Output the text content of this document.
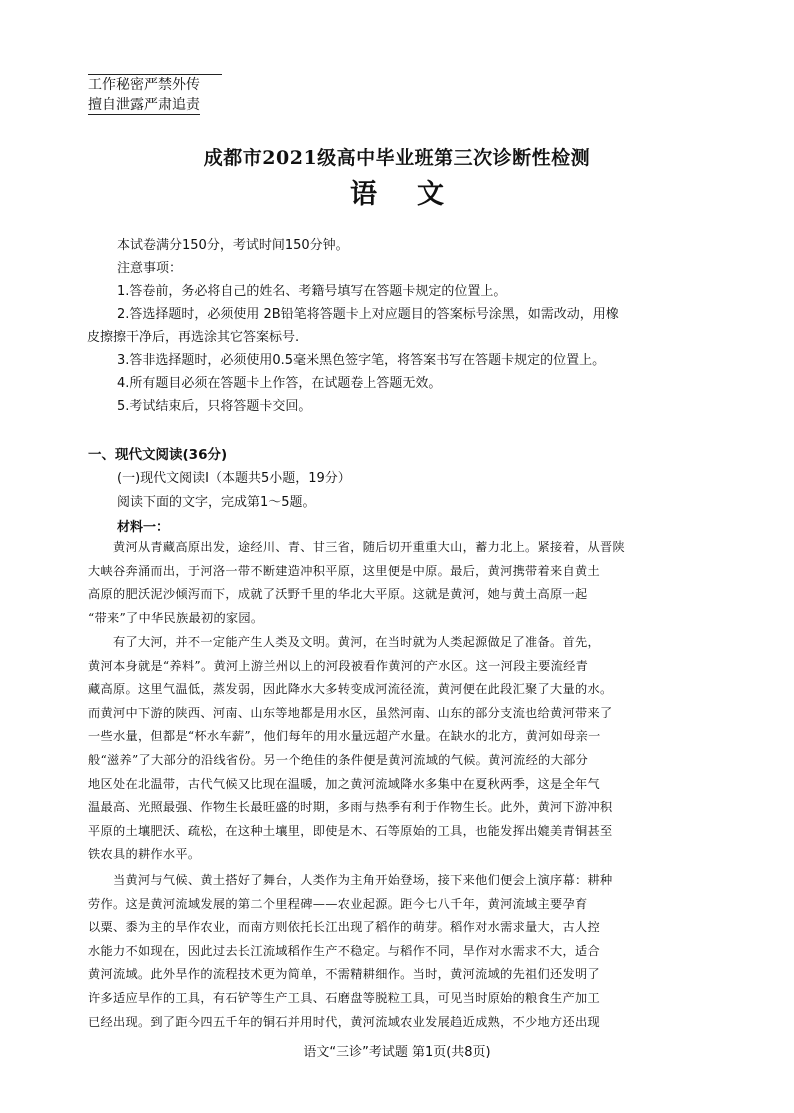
工作秘密严禁外传
擅自泄露严肃追责
成都市2021级高中毕业班第三次诊断性检测
语文
本试卷满分150分，考试时间150分钟。
注意事项：
1.答卷前，务必将自己的姓名、考籍号填写在答题卡规定的位置上。
2.答选择题时，必须使用 2B铅笔将答题卡上对应题目的答案标号涂黑，如需改动，用橡
皮擦擦干净后，再选涂其它答案标号.
3.答非选择题时，必须使用0.5毫米黑色签字笔，将答案书写在答题卡规定的位置上。
4.所有题目必须在答题卡上作答，在试题卷上答题无效。
5.考试结束后，只将答题卡交回。
一、现代文阅读(36分)
(一)现代文阅读I（本题共5小题，19分）
阅读下面的文字，完成第1～5题。
材料一：
　　黄河从青藏高原出发，途经川、青、甘三省，随后切开重重大山，蓄力北上。紧接着，从晋陕
大峡谷奔涌而出，于河洛一带不断建造冲积平原，这里便是中原。最后，黄河携带着来自黄土
高原的肥沃泥沙倾泻而下，成就了沃野千里的华北大平原。这就是黄河，她与黄土高原一起
“带来”了中华民族最初的家园。
　　有了大河，并不一定能产生人类及文明。黄河，在当时就为人类起源做足了准备。首先，
黄河本身就是“养料”。黄河上游兰州以上的河段被看作黄河的产水区。这一河段主要流经青
藏高原。这里气温低，蒸发弱，因此降水大多转变成河流径流，黄河便在此段汇聚了大量的水。
而黄河中下游的陕西、河南、山东等地都是用水区，虽然河南、山东的部分支流也给黄河带来了
一些水量，但都是“杯水车薪”，他们每年的用水量远超产水量。在缺水的北方，黄河如母亲一
般“滋养”了大部分的沿线省份。另一个绝佳的条件便是黄河流域的气候。黄河流经的大部分
地区处在北温带，古代气候又比现在温暖，加之黄河流域降水多集中在夏秋两季，这是全年气
温最高、光照最强、作物生长最旺盛的时期，多雨与热季有利于作物生长。此外，黄河下游冲积
平原的土壤肥沃、疏松，在这种土壤里，即使是木、石等原始的工具，也能发挥出媲美青铜甚至
铁农具的耕作水平。
　　当黄河与气候、黄土搭好了舞台，人类作为主角开始登场，接下来他们便会上演序幕：耕种
劳作。这是黄河流域发展的第二个里程碑——农业起源。距今七八千年，黄河流域主要孕育
以粟、黍为主的旱作农业，而南方则依托长江出现了稻作的萌芽。稻作对水需求量大，古人控
水能力不如现在，因此过去长江流域稻作生产不稳定。与稻作不同，旱作对水需求不大，适合
黄河流域。此外旱作的流程技术更为简单，不需精耕细作。当时，黄河流域的先祖们还发明了
许多适应旱作的工具，有石铲等生产工具、石磨盘等脱粒工具，可见当时原始的粮食生产加工
已经出现。到了距今四五千年的铜石并用时代，黄河流域农业发展趋近成熟，不少地方还出现
语文“三诊”考试题 第1页(共8页)
